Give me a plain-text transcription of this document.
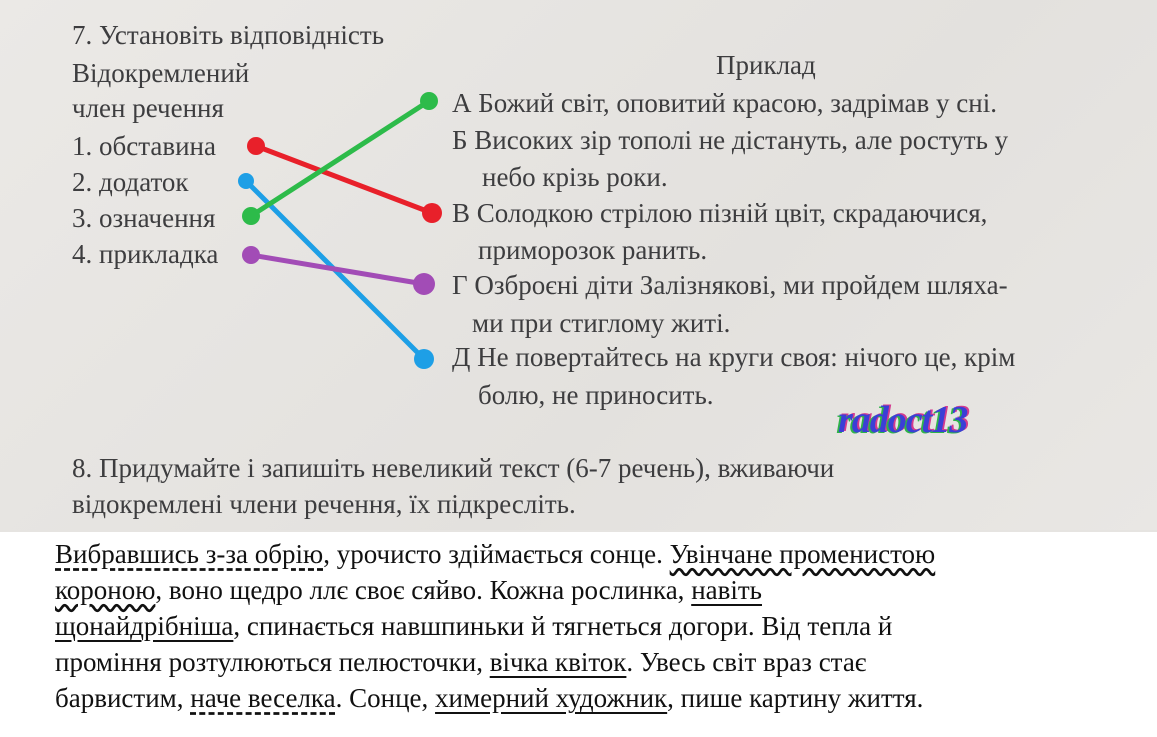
7. Установіть відповідність
Відокремлений
член речення
Приклад
1. обставина
2. додаток
3. означення
4. прикладка
А Божий світ, оповитий красою, задрімав у сні.
Б Високих зір тополі не дістануть, але ростуть у
небо крізь роки.
В Солодкою стрілою пізній цвіт, скрадаючися,
приморозок ранить.
Г Озброєні діти Залізнякові, ми пройдем шляха-
ми при стиглому житі.
Д Не повертайтесь на круги своя: нічого це, крім
болю, не приносить.
radoct13
8. Придумайте і запишіть невеликий текст (6-7 речень), вживаючи
відокремлені члени речення, їх підкресліть.
Вибравшись з-за обрію, урочисто здіймається сонце. Увінчане променистою
короною, воно щедро ллє своє сяйво. Кожна рослинка, навіть
щонайдрібніша, спинається навшпиньки й тягнеться догори. Від тепла й
проміння розтулюються пелюсточки, вічка квіток. Увесь світ враз стає
барвистим, наче веселка. Сонце, химерний художник, пише картину життя.
